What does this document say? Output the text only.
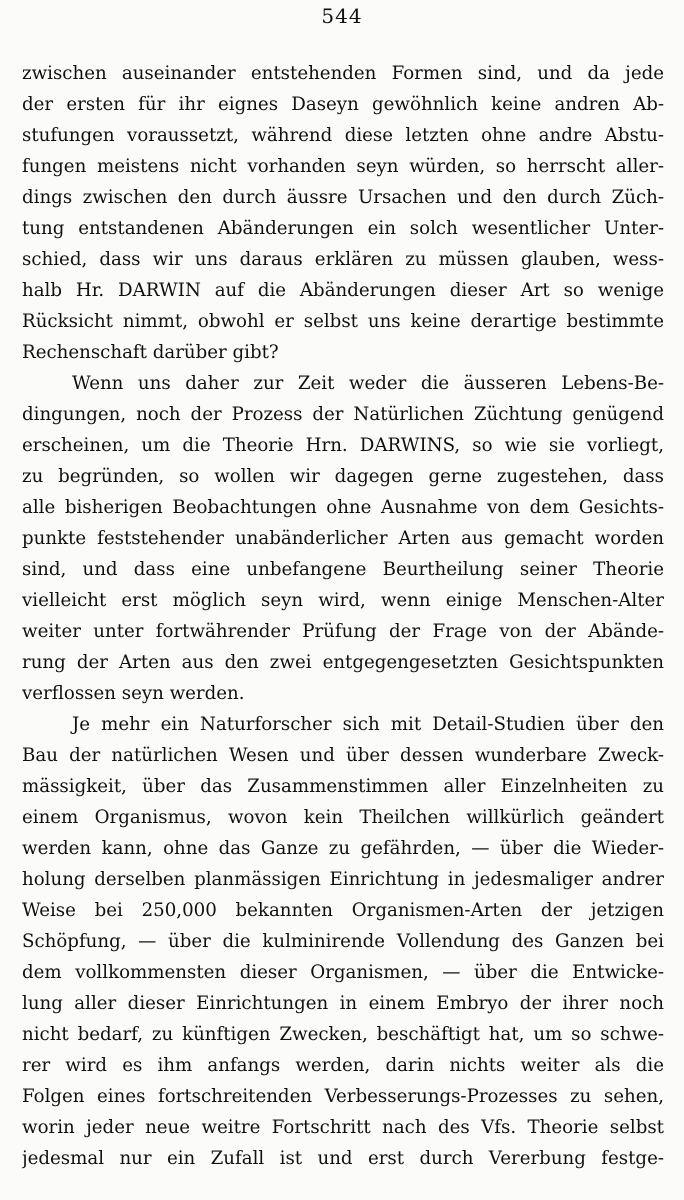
544
zwischen auseinander entstehenden Formen sind, und da jede
der ersten für ihr eignes Daseyn gewöhnlich keine andren Ab-
stufungen voraussetzt, während diese letzten ohne andre Abstu-
fungen meistens nicht vorhanden seyn würden, so herrscht aller-
dings zwischen den durch äussre Ursachen und den durch Züch-
tung entstandenen Abänderungen ein solch wesentlicher Unter-
schied, dass wir uns daraus erklären zu müssen glauben, wess-
halb Hr. DARWIN auf die Abänderungen dieser Art so wenige
Rücksicht nimmt, obwohl er selbst uns keine derartige bestimmte
Rechenschaft darüber gibt?
Wenn uns daher zur Zeit weder die äusseren Lebens-Be-
dingungen, noch der Prozess der Natürlichen Züchtung genügend
erscheinen, um die Theorie Hrn. DARWINS, so wie sie vorliegt,
zu begründen, so wollen wir dagegen gerne zugestehen, dass
alle bisherigen Beobachtungen ohne Ausnahme von dem Gesichts-
punkte feststehender unabänderlicher Arten aus gemacht worden
sind, und dass eine unbefangene Beurtheilung seiner Theorie
vielleicht erst möglich seyn wird, wenn einige Menschen-Alter
weiter unter fortwährender Prüfung der Frage von der Abände-
rung der Arten aus den zwei entgegengesetzten Gesichtspunkten
verflossen seyn werden.
Je mehr ein Naturforscher sich mit Detail-Studien über den
Bau der natürlichen Wesen und über dessen wunderbare Zweck-
mässigkeit, über das Zusammenstimmen aller Einzelnheiten zu
einem Organismus, wovon kein Theilchen willkürlich geändert
werden kann, ohne das Ganze zu gefährden, — über die Wieder-
holung derselben planmässigen Einrichtung in jedesmaliger andrer
Weise bei 250,000 bekannten Organismen-Arten der jetzigen
Schöpfung, — über die kulminirende Vollendung des Ganzen bei
dem vollkommensten dieser Organismen, — über die Entwicke-
lung aller dieser Einrichtungen in einem Embryo der ihrer noch
nicht bedarf, zu künftigen Zwecken, beschäftigt hat, um so schwe-
rer wird es ihm anfangs werden, darin nichts weiter als die
Folgen eines fortschreitenden Verbesserungs-Prozesses zu sehen,
worin jeder neue weitre Fortschritt nach des Vfs. Theorie selbst
jedesmal nur ein Zufall ist und erst durch Vererbung festge-
